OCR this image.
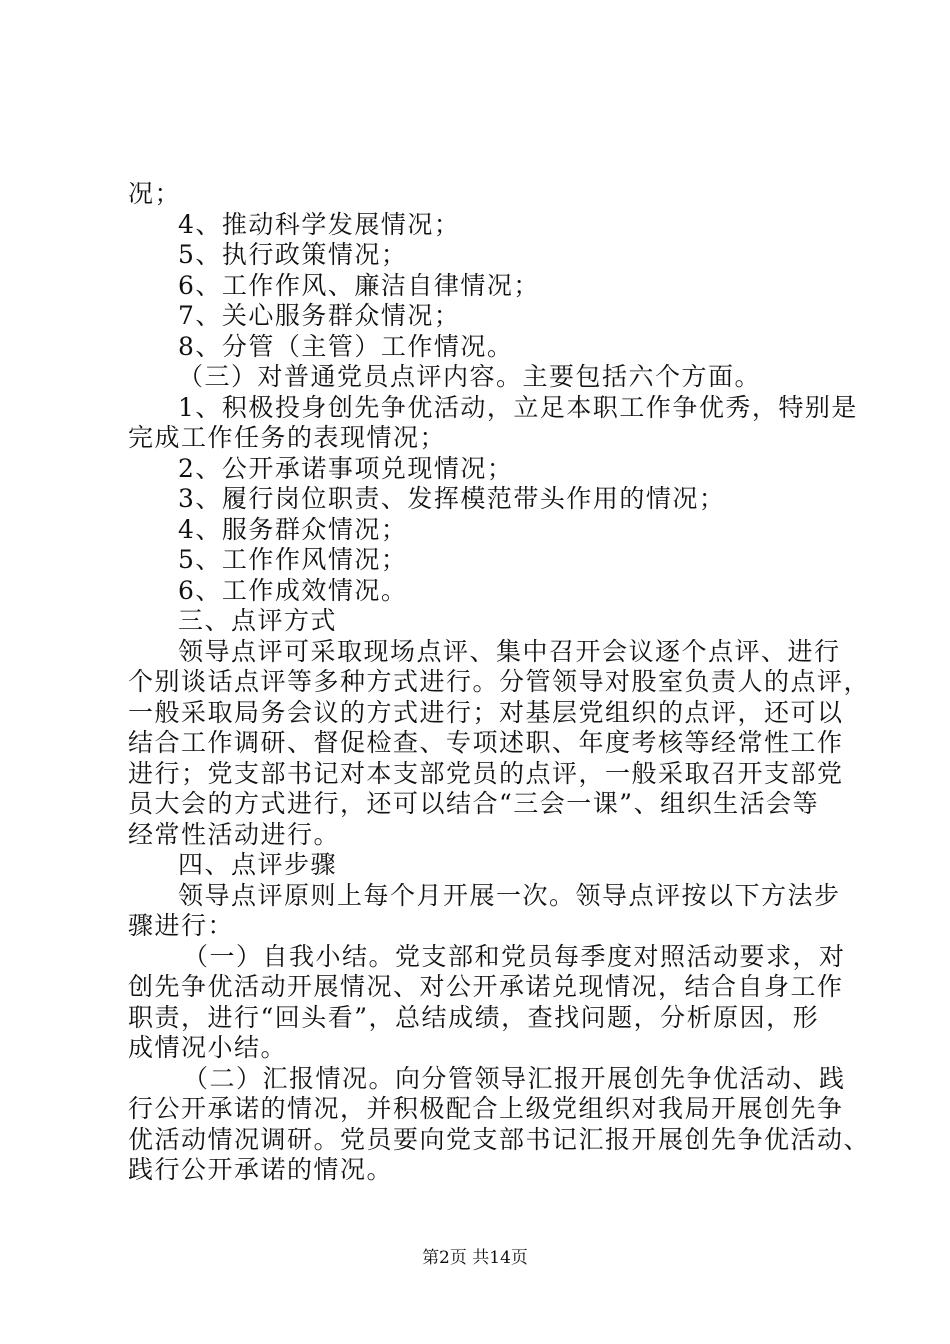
况；
4、推动科学发展情况；
5、执行政策情况；
6、工作作风、廉洁自律情况；
7、关心服务群众情况；
8、分管（主管）工作情况。
（三）对普通党员点评内容。主要包括六个方面。
1、积极投身创先争优活动，立足本职工作争优秀，特别是
完成工作任务的表现情况；
2、公开承诺事项兑现情况；
3、履行岗位职责、发挥模范带头作用的情况；
4、服务群众情况；
5、工作作风情况；
6、工作成效情况。
三、点评方式
领导点评可采取现场点评、集中召开会议逐个点评、进行
个别谈话点评等多种方式进行。分管领导对股室负责人的点评，
一般采取局务会议的方式进行；对基层党组织的点评，还可以
结合工作调研、督促检查、专项述职、年度考核等经常性工作
进行；党支部书记对本支部党员的点评，一般采取召开支部党
员大会的方式进行，还可以结合“三会一课”、组织生活会等
经常性活动进行。
四、点评步骤
领导点评原则上每个月开展一次。领导点评按以下方法步
骤进行：
（一）自我小结。党支部和党员每季度对照活动要求，对
创先争优活动开展情况、对公开承诺兑现情况，结合自身工作
职责，进行“回头看”，总结成绩，查找问题，分析原因，形
成情况小结。
（二）汇报情况。向分管领导汇报开展创先争优活动、践
行公开承诺的情况，并积极配合上级党组织对我局开展创先争
优活动情况调研。党员要向党支部书记汇报开展创先争优活动、
践行公开承诺的情况。
第2页 共14页
